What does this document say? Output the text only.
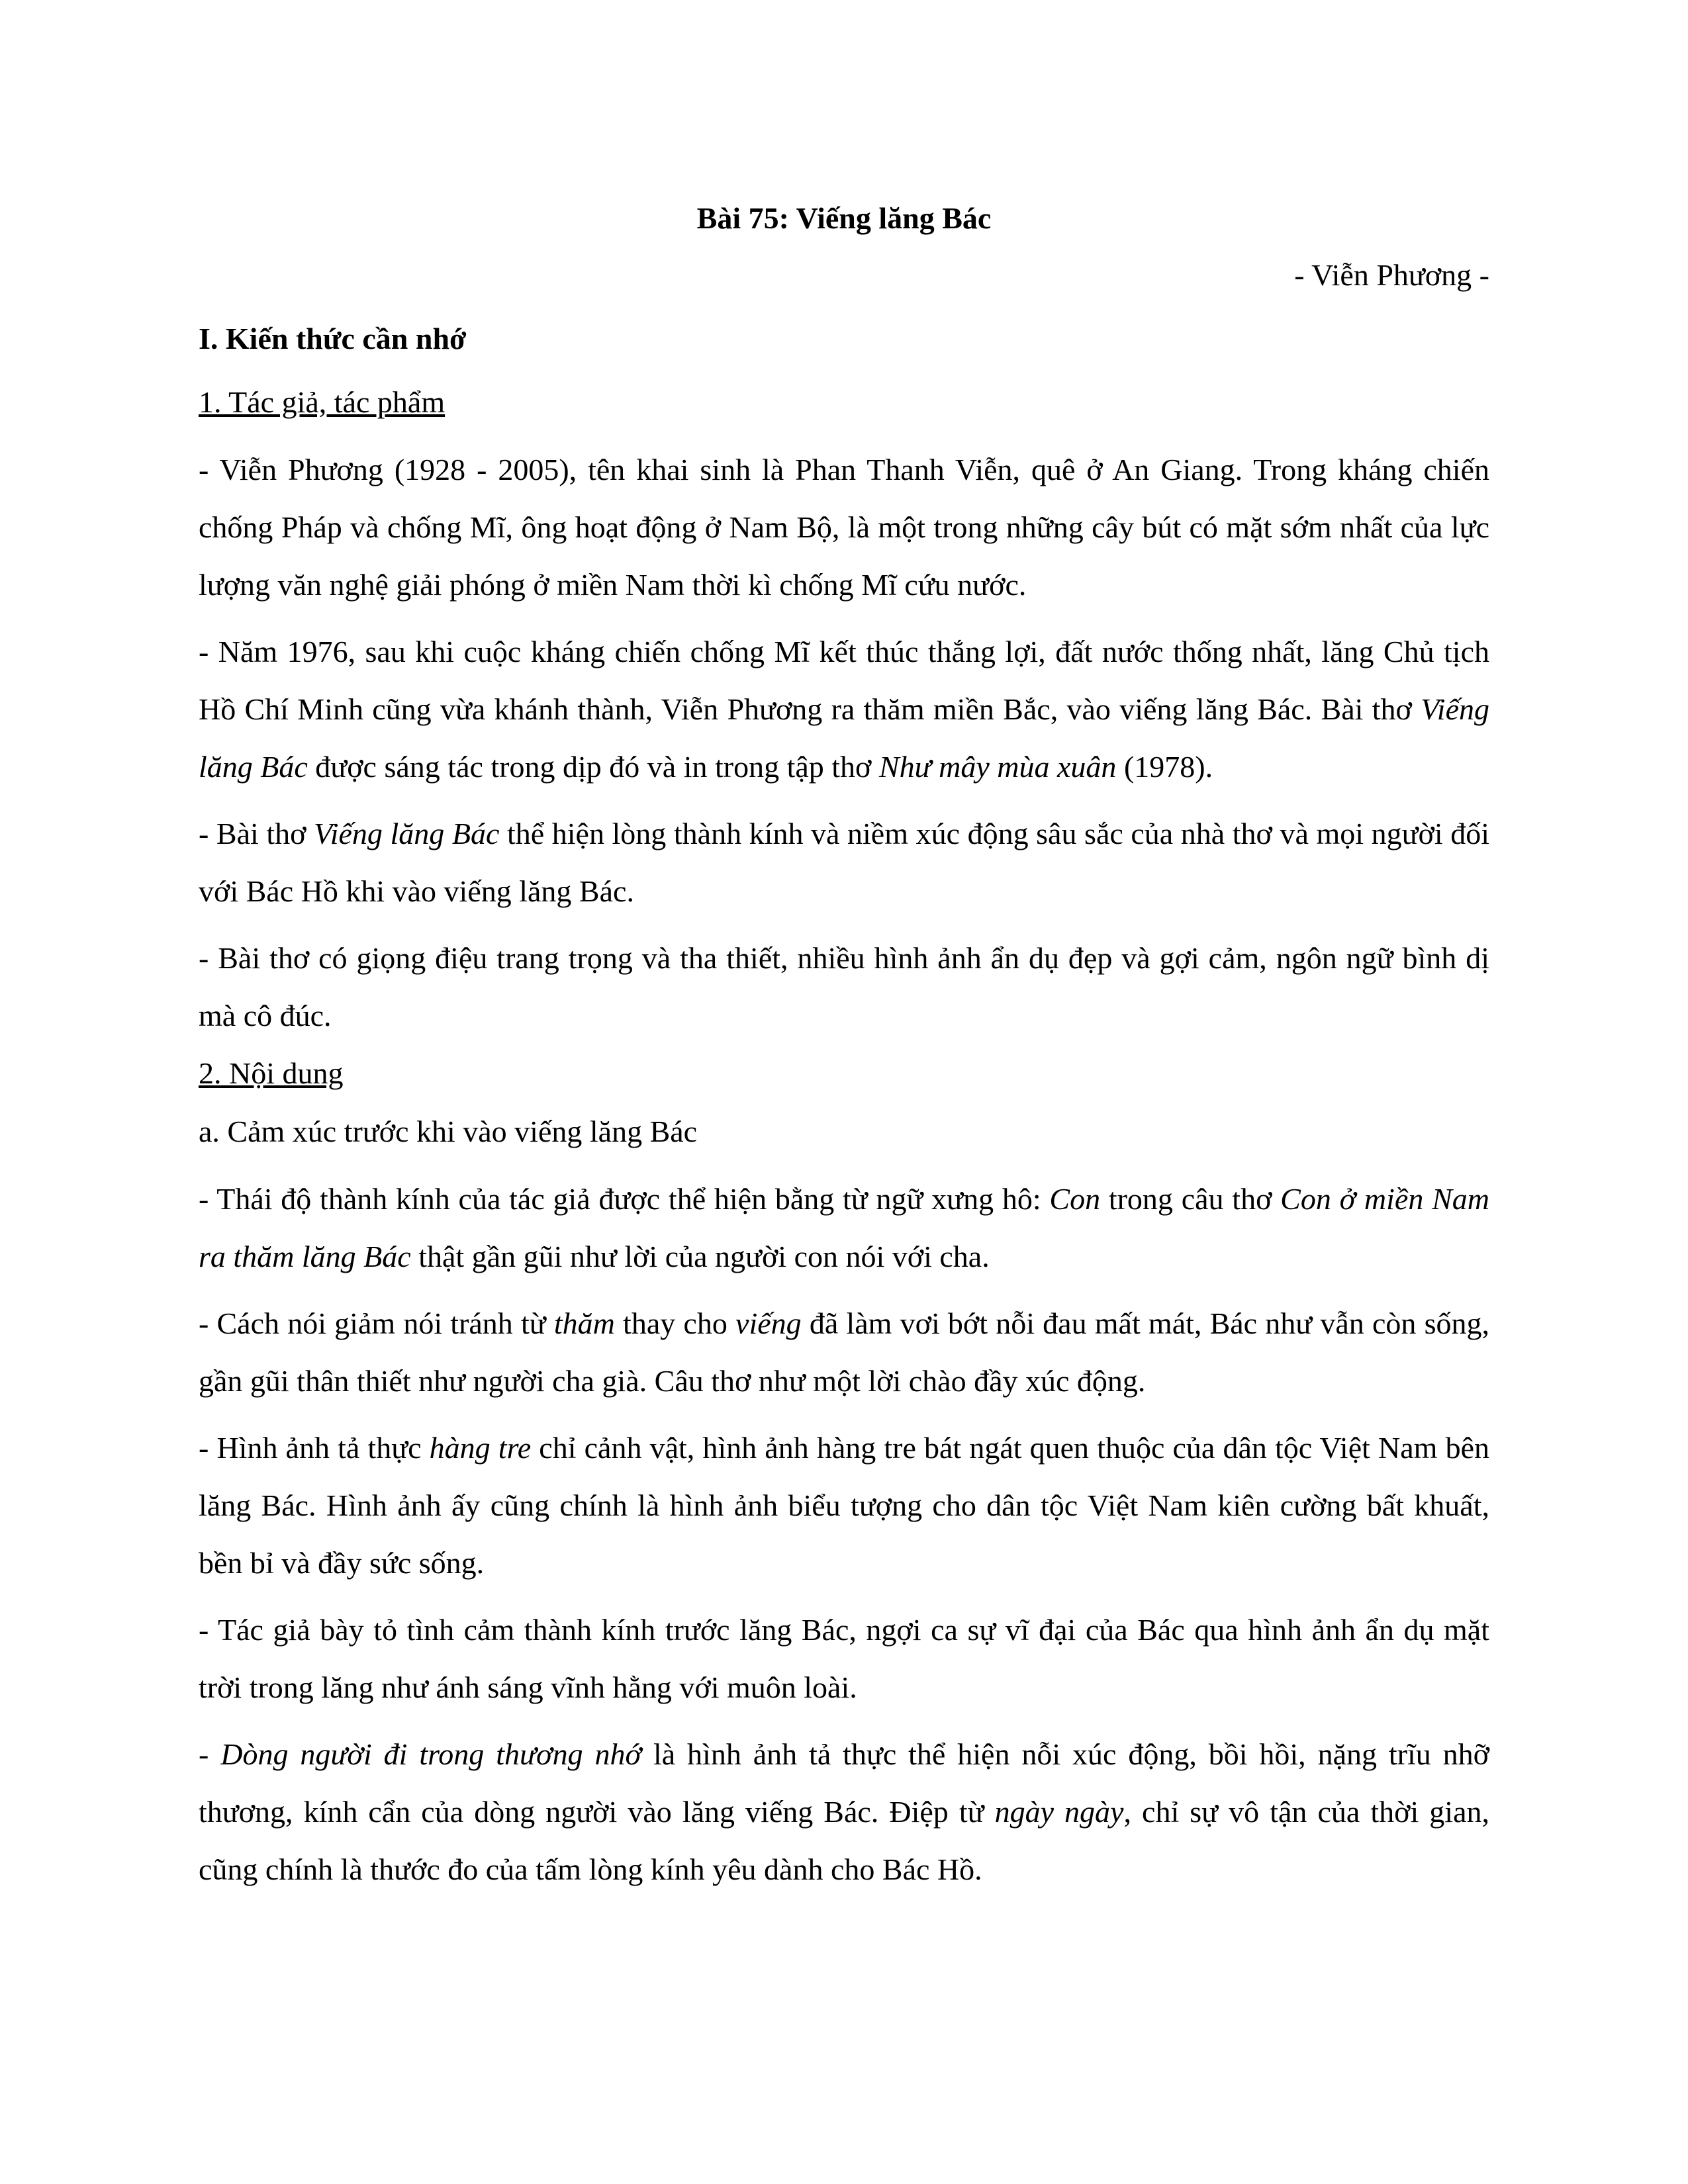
Bài 75: Viếng lăng Bác
- Viễn Phương -
I. Kiến thức cần nhớ
1. Tác giả, tác phẩm

- Viễn Phương (1928 - 2005), tên khai sinh là Phan Thanh Viễn, quê ở An Giang. Trong kháng chiến chống Pháp và chống Mĩ, ông hoạt động ở Nam Bộ, là một trong những cây bút có mặt sớm nhất của lực lượng văn nghệ giải phóng ở miền Nam thời kì chống Mĩ cứu nước.

- Năm 1976, sau khi cuộc kháng chiến chống Mĩ kết thúc thắng lợi, đất nước thống nhất, lăng Chủ tịch Hồ Chí Minh cũng vừa khánh thành, Viễn Phương ra thăm miền Bắc, vào viếng lăng Bác. Bài thơ Viếng lăng Bác được sáng tác trong dịp đó và in trong tập thơ Như mây mùa xuân (1978).

- Bài thơ Viếng lăng Bác thể hiện lòng thành kính và niềm xúc động sâu sắc của nhà thơ và mọi người đối với Bác Hồ khi vào viếng lăng Bác.

- Bài thơ có giọng điệu trang trọng và tha thiết, nhiều hình ảnh ẩn dụ đẹp và gợi cảm, ngôn ngữ bình dị mà cô đúc.

2. Nội dung
a. Cảm xúc trước khi vào viếng lăng Bác

- Thái độ thành kính của tác giả được thể hiện bằng từ ngữ xưng hô: Con trong câu thơ Con ở miền Nam ra thăm lăng Bác thật gần gũi như lời của người con nói với cha.

- Cách nói giảm nói tránh từ thăm thay cho viếng đã làm vơi bớt nỗi đau mất mát, Bác như vẫn còn sống, gần gũi thân thiết như người cha già. Câu thơ như một lời chào đầy xúc động.

- Hình ảnh tả thực hàng tre chỉ cảnh vật, hình ảnh hàng tre bát ngát quen thuộc của dân tộc Việt Nam bên lăng Bác. Hình ảnh ấy cũng chính là hình ảnh biểu tượng cho dân tộc Việt Nam kiên cường bất khuất, bền bỉ và đầy sức sống.

- Tác giả bày tỏ tình cảm thành kính trước lăng Bác, ngợi ca sự vĩ đại của Bác qua hình ảnh ẩn dụ mặt trời trong lăng như ánh sáng vĩnh hằng với muôn loài.

- Dòng người đi trong thương nhớ là hình ảnh tả thực thể hiện nỗi xúc động, bồi hồi, nặng trĩu nhỡ thương, kính cẩn của dòng người vào lăng viếng Bác. Điệp từ ngày ngày, chỉ sự vô tận của thời gian, cũng chính là thước đo của tấm lòng kính yêu dành cho Bác Hồ.
